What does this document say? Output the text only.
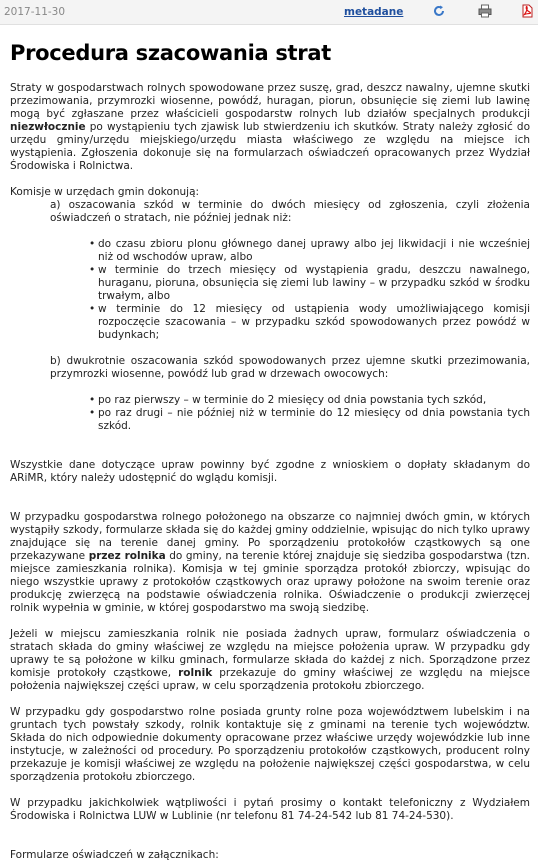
2017-11-30	metadane
Procedura szacowania strat

Straty w gospodarstwach rolnych spowodowane przez suszę, grad, deszcz nawalny, ujemne skutki przezimowania, przymrozki wiosenne, powódź, huragan, piorun, obsunięcie się ziemi lub lawinę mogą być zgłaszane przez właścicieli gospodarstw rolnych lub działów specjalnych produkcji niezwłocznie po wystąpieniu tych zjawisk lub stwierdzeniu ich skutków. Straty należy zgłosić do urzędu gminy/urzędu miejskiego/urzędu miasta właściwego ze względu na miejsce ich wystąpienia. Zgłoszenia dokonuje się na formularzach oświadczeń opracowanych przez Wydział Środowiska i Rolnictwa.

Komisje w urzędach gmin dokonują:

a) oszacowania szkód w terminie do dwóch miesięcy od zgłoszenia, czyli złożenia oświadczeń o stratach, nie później jednak niż:

• do czasu zbioru plonu głównego danej uprawy albo jej likwidacji i nie wcześniej niż od wschodów upraw, albo
• w terminie do trzech miesięcy od wystąpienia gradu, deszczu nawalnego, huraganu, pioruna, obsunięcia się ziemi lub lawiny – w przypadku szkód w środku trwałym, albo
• w terminie do 12 miesięcy od ustąpienia wody umożliwiającego komisji rozpoczęcie szacowania – w przypadku szkód spowodowanych przez powódź w budynkach;

b) dwukrotnie oszacowania szkód spowodowanych przez ujemne skutki przezimowania, przymrozki wiosenne, powódź lub grad w drzewach owocowych:

• po raz pierwszy – w terminie do 2 miesięcy od dnia powstania tych szkód,
• po raz drugi – nie później niż w terminie do 12 miesięcy od dnia powstania tych szkód.

Wszystkie dane dotyczące upraw powinny być zgodne z wnioskiem o dopłaty składanym do ARiMR, który należy udostępnić do wglądu komisji.

W przypadku gospodarstwa rolnego położonego na obszarze co najmniej dwóch gmin, w których wystąpiły szkody, formularze składa się do każdej gminy oddzielnie, wpisując do nich tylko uprawy znajdujące się na terenie danej gminy. Po sporządzeniu protokołów cząstkowych są one przekazywane przez rolnika do gminy, na terenie której znajduje się siedziba gospodarstwa (tzn. miejsce zamieszkania rolnika). Komisja w tej gminie sporządza protokół zbiorczy, wpisując do niego wszystkie uprawy z protokołów cząstkowych oraz uprawy położone na swoim terenie oraz produkcję zwierzęcą na podstawie oświadczenia rolnika. Oświadczenie o produkcji zwierzęcej rolnik wypełnia w gminie, w której gospodarstwo ma swoją siedzibę.

Jeżeli w miejscu zamieszkania rolnik nie posiada żadnych upraw, formularz oświadczenia o stratach składa do gminy właściwej ze względu na miejsce położenia upraw. W przypadku gdy uprawy te są położone w kilku gminach, formularze składa do każdej z nich. Sporządzone przez komisje protokoły cząstkowe, rolnik przekazuje do gminy właściwej ze względu na miejsce położenia największej części upraw, w celu sporządzenia protokołu zbiorczego.

W przypadku gdy gospodarstwo rolne posiada grunty rolne poza województwem lubelskim i na gruntach tych powstały szkody, rolnik kontaktuje się z gminami na terenie tych województw. Składa do nich odpowiednie dokumenty opracowane przez właściwe urzędy wojewódzkie lub inne instytucje, w zależności od procedury. Po sporządzeniu protokołów cząstkowych, producent rolny przekazuje je komisji właściwej ze względu na położenie największej części gospodarstwa, w celu sporządzenia protokołu zbiorczego.

W przypadku jakichkolwiek wątpliwości i pytań prosimy o kontakt telefoniczny z Wydziałem Środowiska i Rolnictwa LUW w Lublinie (nr telefonu 81 74-24-542 lub 81 74-24-530).

Formularze oświadczeń w załącznikach:
